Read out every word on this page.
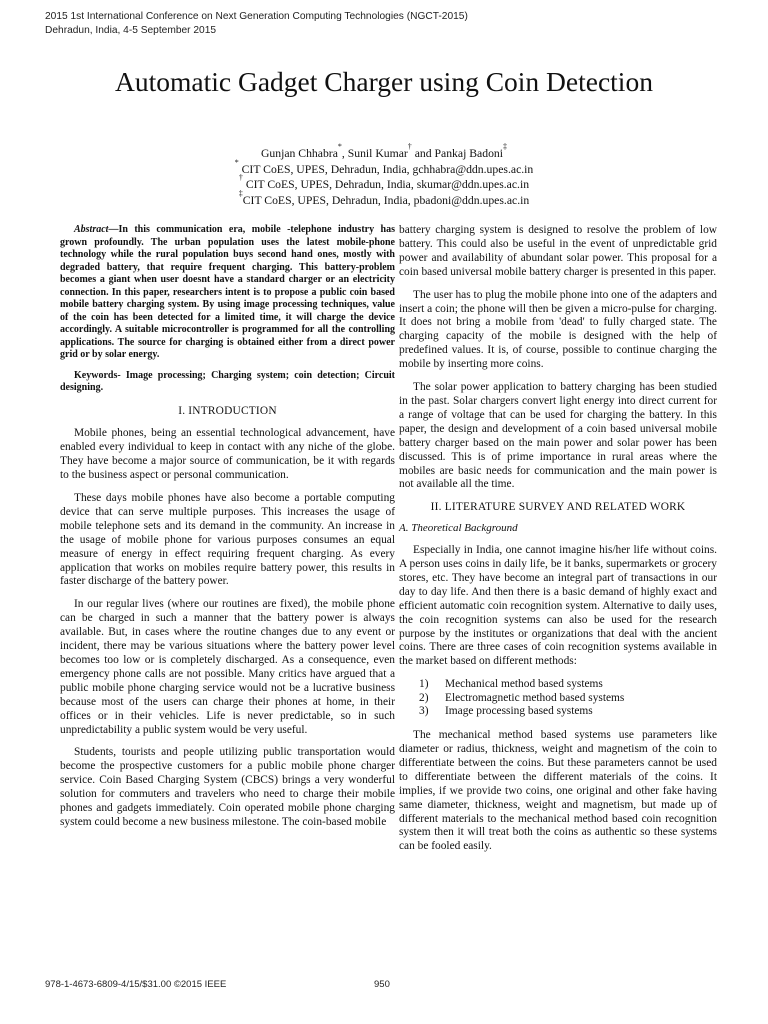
2015 1st International Conference on Next Generation Computing Technologies (NGCT-2015)
Dehradun, India, 4-5 September 2015
Automatic Gadget Charger using Coin Detection
Gunjan Chhabra*, Sunil Kumar† and Pankaj Badoni‡
* CIT CoES, UPES, Dehradun, India, gchhabra@ddn.upes.ac.in
† CIT CoES, UPES, Dehradun, India, skumar@ddn.upes.ac.in
‡CIT CoES, UPES, Dehradun, India, pbadoni@ddn.upes.ac.in

Abstract—In this communication era, mobile -telephone industry has grown profoundly. The urban population uses the latest mobile-phone technology while the rural population buys second hand ones, mostly with degraded battery, that require frequent charging. This battery-problem becomes a giant when user doesnt have a standard charger or an electricity connection. In this paper, researchers intent is to propose a public coin based mobile battery charging system. By using image processing techniques, value of the coin has been detected for a limited time, it will charge the device accordingly. A suitable microcontroller is programmed for all the controlling applications. The source for charging is obtained either from a direct power grid or by solar energy.

Keywords- Image processing; Charging system; coin detection; Circuit designing.

I. INTRODUCTION

Mobile phones, being an essential technological advancement, have enabled every individual to keep in contact with any niche of the globe. They have become a major source of communication, be it with regards to the business aspect or personal communication.

These days mobile phones have also become a portable computing device that can serve multiple purposes. This increases the usage of mobile telephone sets and its demand in the community. An increase in the usage of mobile phone for various purposes consumes an equal measure of energy in effect requiring frequent charging. As every application that works on mobiles require battery power, this results in faster discharge of the battery power.

In our regular lives (where our routines are fixed), the mobile phone can be charged in such a manner that the battery power is always available. But, in cases where the routine changes due to any event or incident, there may be various situations where the battery power level becomes too low or is completely discharged. As a consequence, even emergency phone calls are not possible. Many critics have argued that a public mobile phone charging service would not be a lucrative business because most of the users can charge their phones at home, in their offices or in their vehicles. Life is never predictable, so in such unpredictability a public system would be very useful.

Students, tourists and people utilizing public transportation would become the prospective customers for a public mobile phone charger service. Coin Based Charging System (CBCS) brings a very wonderful solution for commuters and travelers who need to charge their mobile phones and gadgets immediately. Coin operated mobile phone charging system could become a new business milestone. The coin-based mobile

battery charging system is designed to resolve the problem of low battery. This could also be useful in the event of unpredictable grid power and availability of abundant solar power. This proposal for a coin based universal mobile battery charger is presented in this paper.

The user has to plug the mobile phone into one of the adapters and insert a coin; the phone will then be given a micro-pulse for charging. It does not bring a mobile from 'dead' to fully charged state. The charging capacity of the mobile is designed with the help of predefined values. It is, of course, possible to continue charging the mobile by inserting more coins.

The solar power application to battery charging has been studied in the past. Solar chargers convert light energy into direct current for a range of voltage that can be used for charging the battery. In this paper, the design and development of a coin based universal mobile battery charger based on the main power and solar power has been discussed. This is of prime importance in rural areas where the mobiles are basic needs for communication and the main power is not available all the time.

II. LITERATURE SURVEY AND RELATED WORK
A. Theoretical Background

Especially in India, one cannot imagine his/her life without coins. A person uses coins in daily life, be it banks, supermarkets or grocery stores, etc. They have become an integral part of transactions in our day to day life. And then there is a basic demand of highly exact and efficient automatic coin recognition system. Alternative to daily uses, the coin recognition systems can also be used for the research purpose by the institutes or organizations that deal with the ancient coins. There are three cases of coin recognition systems available in the market based on different methods:

1) Mechanical method based systems
2) Electromagnetic method based systems
3) Image processing based systems

The mechanical method based systems use parameters like diameter or radius, thickness, weight and magnetism of the coin to differentiate between the coins. But these parameters cannot be used to differentiate between the different materials of the coins. It implies, if we provide two coins, one original and other fake having same diameter, thickness, weight and magnetism, but made up of different materials to the mechanical method based coin recognition system then it will treat both the coins as authentic so these systems can be fooled easily.

978-1-4673-6809-4/15/$31.00 ©2015 IEEE	950
